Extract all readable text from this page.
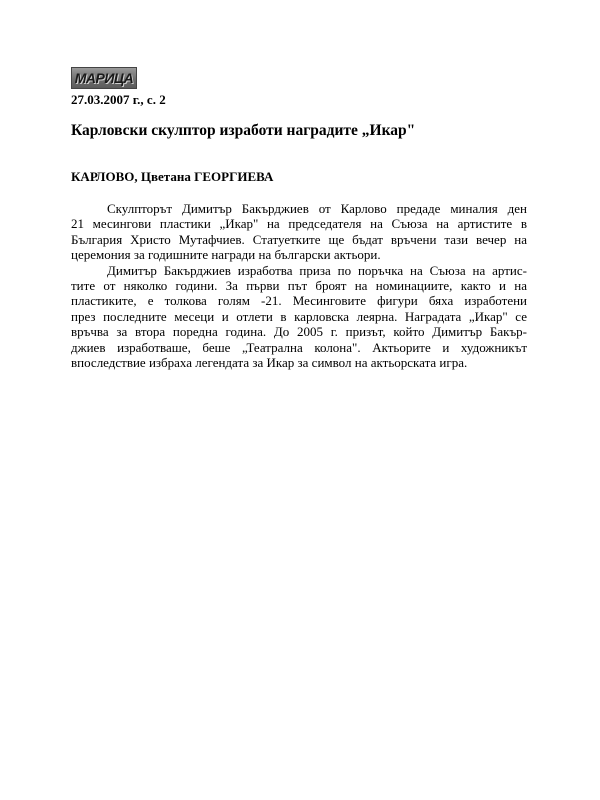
МАРИЦА
27.03.2007 г., с. 2
Карловски скулптор изработи наградите „Икар"
КАРЛОВО, Цветана ГЕОРГИЕВА
Скулпторът Димитър Бакърджиев от Карлово предаде миналия ден
21 месингови пластики „Икар" на председателя на Съюза на артистите в
България Христо Мутафчиев. Статуетките ще бъдат връчени тази вечер на
церемония за годишните награди на български актьори.
Димитър Бакърджиев изработва приза по поръчка на Съюза на артис-
тите от няколко години. За първи път броят на номинациите, както и на
пластиките, е толкова голям -21. Месинговите фигури бяха изработени
през последните месеци и отлети в карловска леярна. Наградата „Икар" се
връчва за втора поредна година. До 2005 г. призът, който Димитър Бакър-
джиев изработваше, беше „Театрална колона". Актьорите и художникът
впоследствие избраха легендата за Икар за символ на актьорската игра.
